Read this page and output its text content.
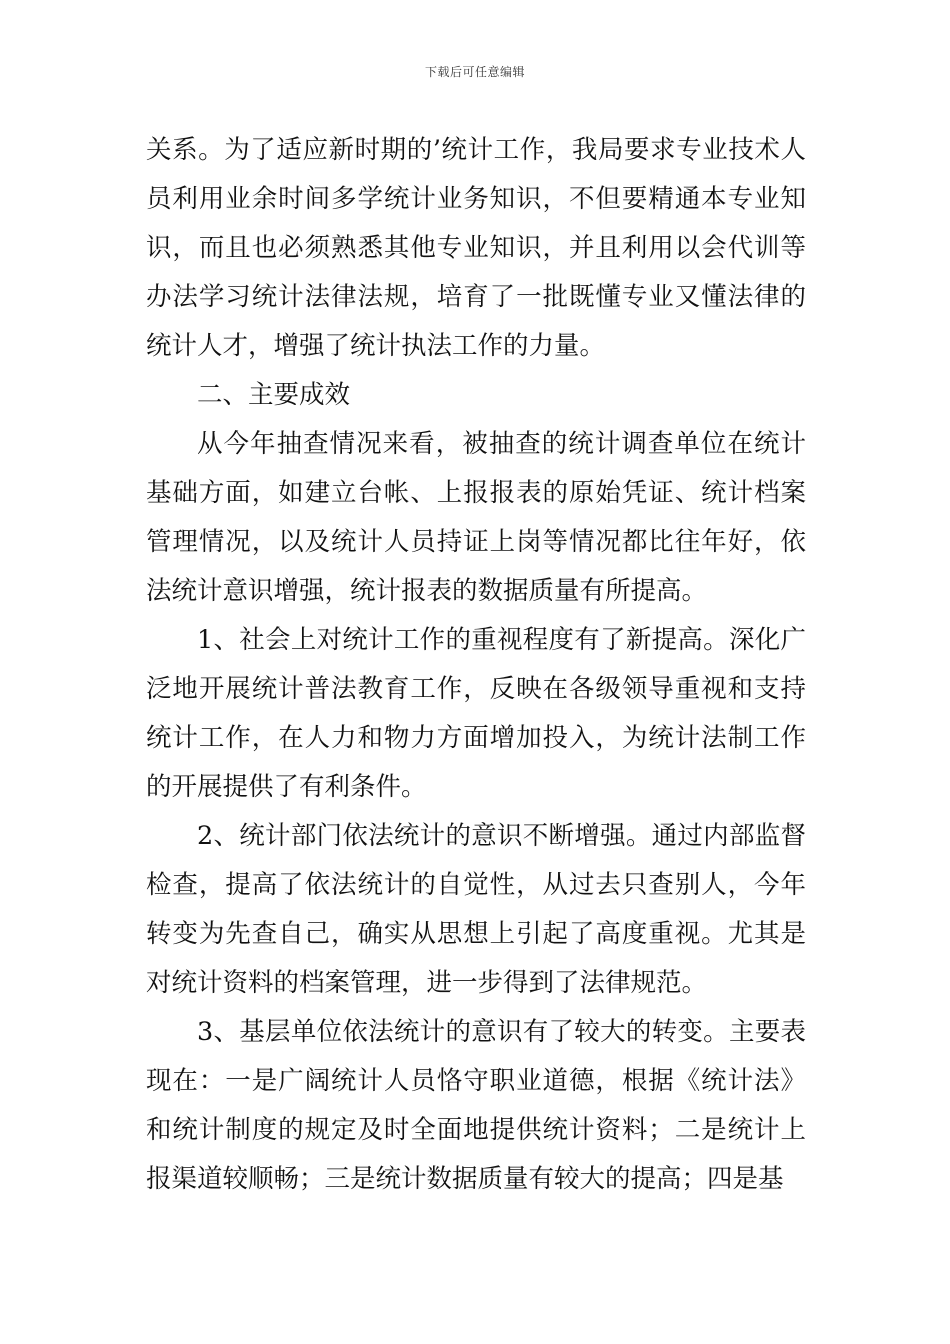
下载后可任意编辑

关系。为了适应新时期的’统计工作，我局要求专业技术人员利用业余时间多学统计业务知识，不但要精通本专业知识，而且也必须熟悉其他专业知识，并且利用以会代训等办法学习统计法律法规，培育了一批既懂专业又懂法律的统计人才，增强了统计执法工作的力量。

二、主要成效

从今年抽查情况来看，被抽查的统计调查单位在统计基础方面，如建立台帐、上报报表的原始凭证、统计档案管理情况，以及统计人员持证上岗等情况都比往年好，依法统计意识增强，统计报表的数据质量有所提高。

1、社会上对统计工作的重视程度有了新提高。深化广泛地开展统计普法教育工作，反映在各级领导重视和支持统计工作，在人力和物力方面增加投入，为统计法制工作的开展提供了有利条件。

2、统计部门依法统计的意识不断增强。通过内部监督检查，提高了依法统计的自觉性，从过去只查别人，今年转变为先查自己，确实从思想上引起了高度重视。尤其是对统计资料的档案管理，进一步得到了法律规范。

3、基层单位依法统计的意识有了较大的转变。主要表现在：一是广阔统计人员恪守职业道德，根据《统计法》和统计制度的规定及时全面地提供统计资料；二是统计上报渠道较顺畅；三是统计数据质量有较大的提高；四是基
